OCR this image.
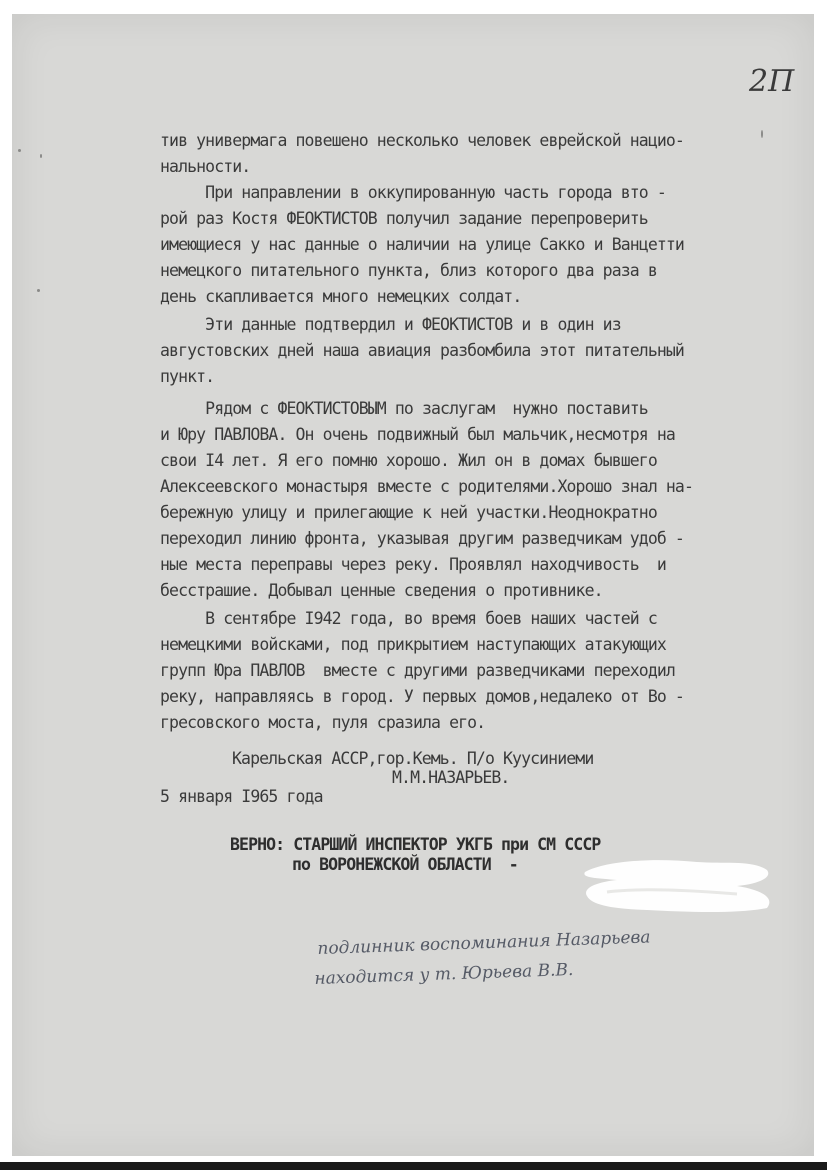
2П
тив универмага повешено несколько человек еврейской нацио-
нальности.
При направлении в оккупированную часть города вто -
рой раз Костя ФЕОКТИСТОВ получил задание перепроверить
имеющиеся у нас данные о наличии на улице Сакко и Ванцетти
немецкого питательного пункта, близ которого два раза в
день скапливается много немецких солдат.
Эти данные подтвердил и ФЕОКТИСТОВ и в один из
августовских дней наша авиация разбомбила этот питательный
пункт.
Рядом с ФЕОКТИСТОВЫМ по заслугам  нужно поставить
и Юру ПАВЛОВА. Он очень подвижный был мальчик,несмотря на
свои I4 лет. Я его помню хорошо. Жил он в домах бывшего
Алексеевского монастыря вместе с родителями.Хорошо знал на-
бережную улицу и прилегающие к ней участки.Неоднократно
переходил линию фронта, указывая другим разведчикам удоб -
ные места переправы через реку. Проявлял находчивость  и
бесстрашие. Добывал ценные сведения о противнике.
В сентябре I942 года, во время боев наших частей с
немецкими войсками, под прикрытием наступающих атакующих
групп Юра ПАВЛОВ  вместе с другими разведчиками переходил
реку, направляясь в город. У первых домов,недалеко от Во -
гресовского моста, пуля сразила его.
Карельская АССР,гор.Кемь. П/о Куусиниеми
М.М.НАЗАРЬЕВ.
5 января I965 года
ВЕРНО: СТАРШИЙ ИНСПЕКТОР УКГБ при СМ СССР
по ВОРОНЕЖСКОЙ ОБЛАСТИ  -
подлинник воспоминания Назарьева
находится у т. Юрьева В.В.
